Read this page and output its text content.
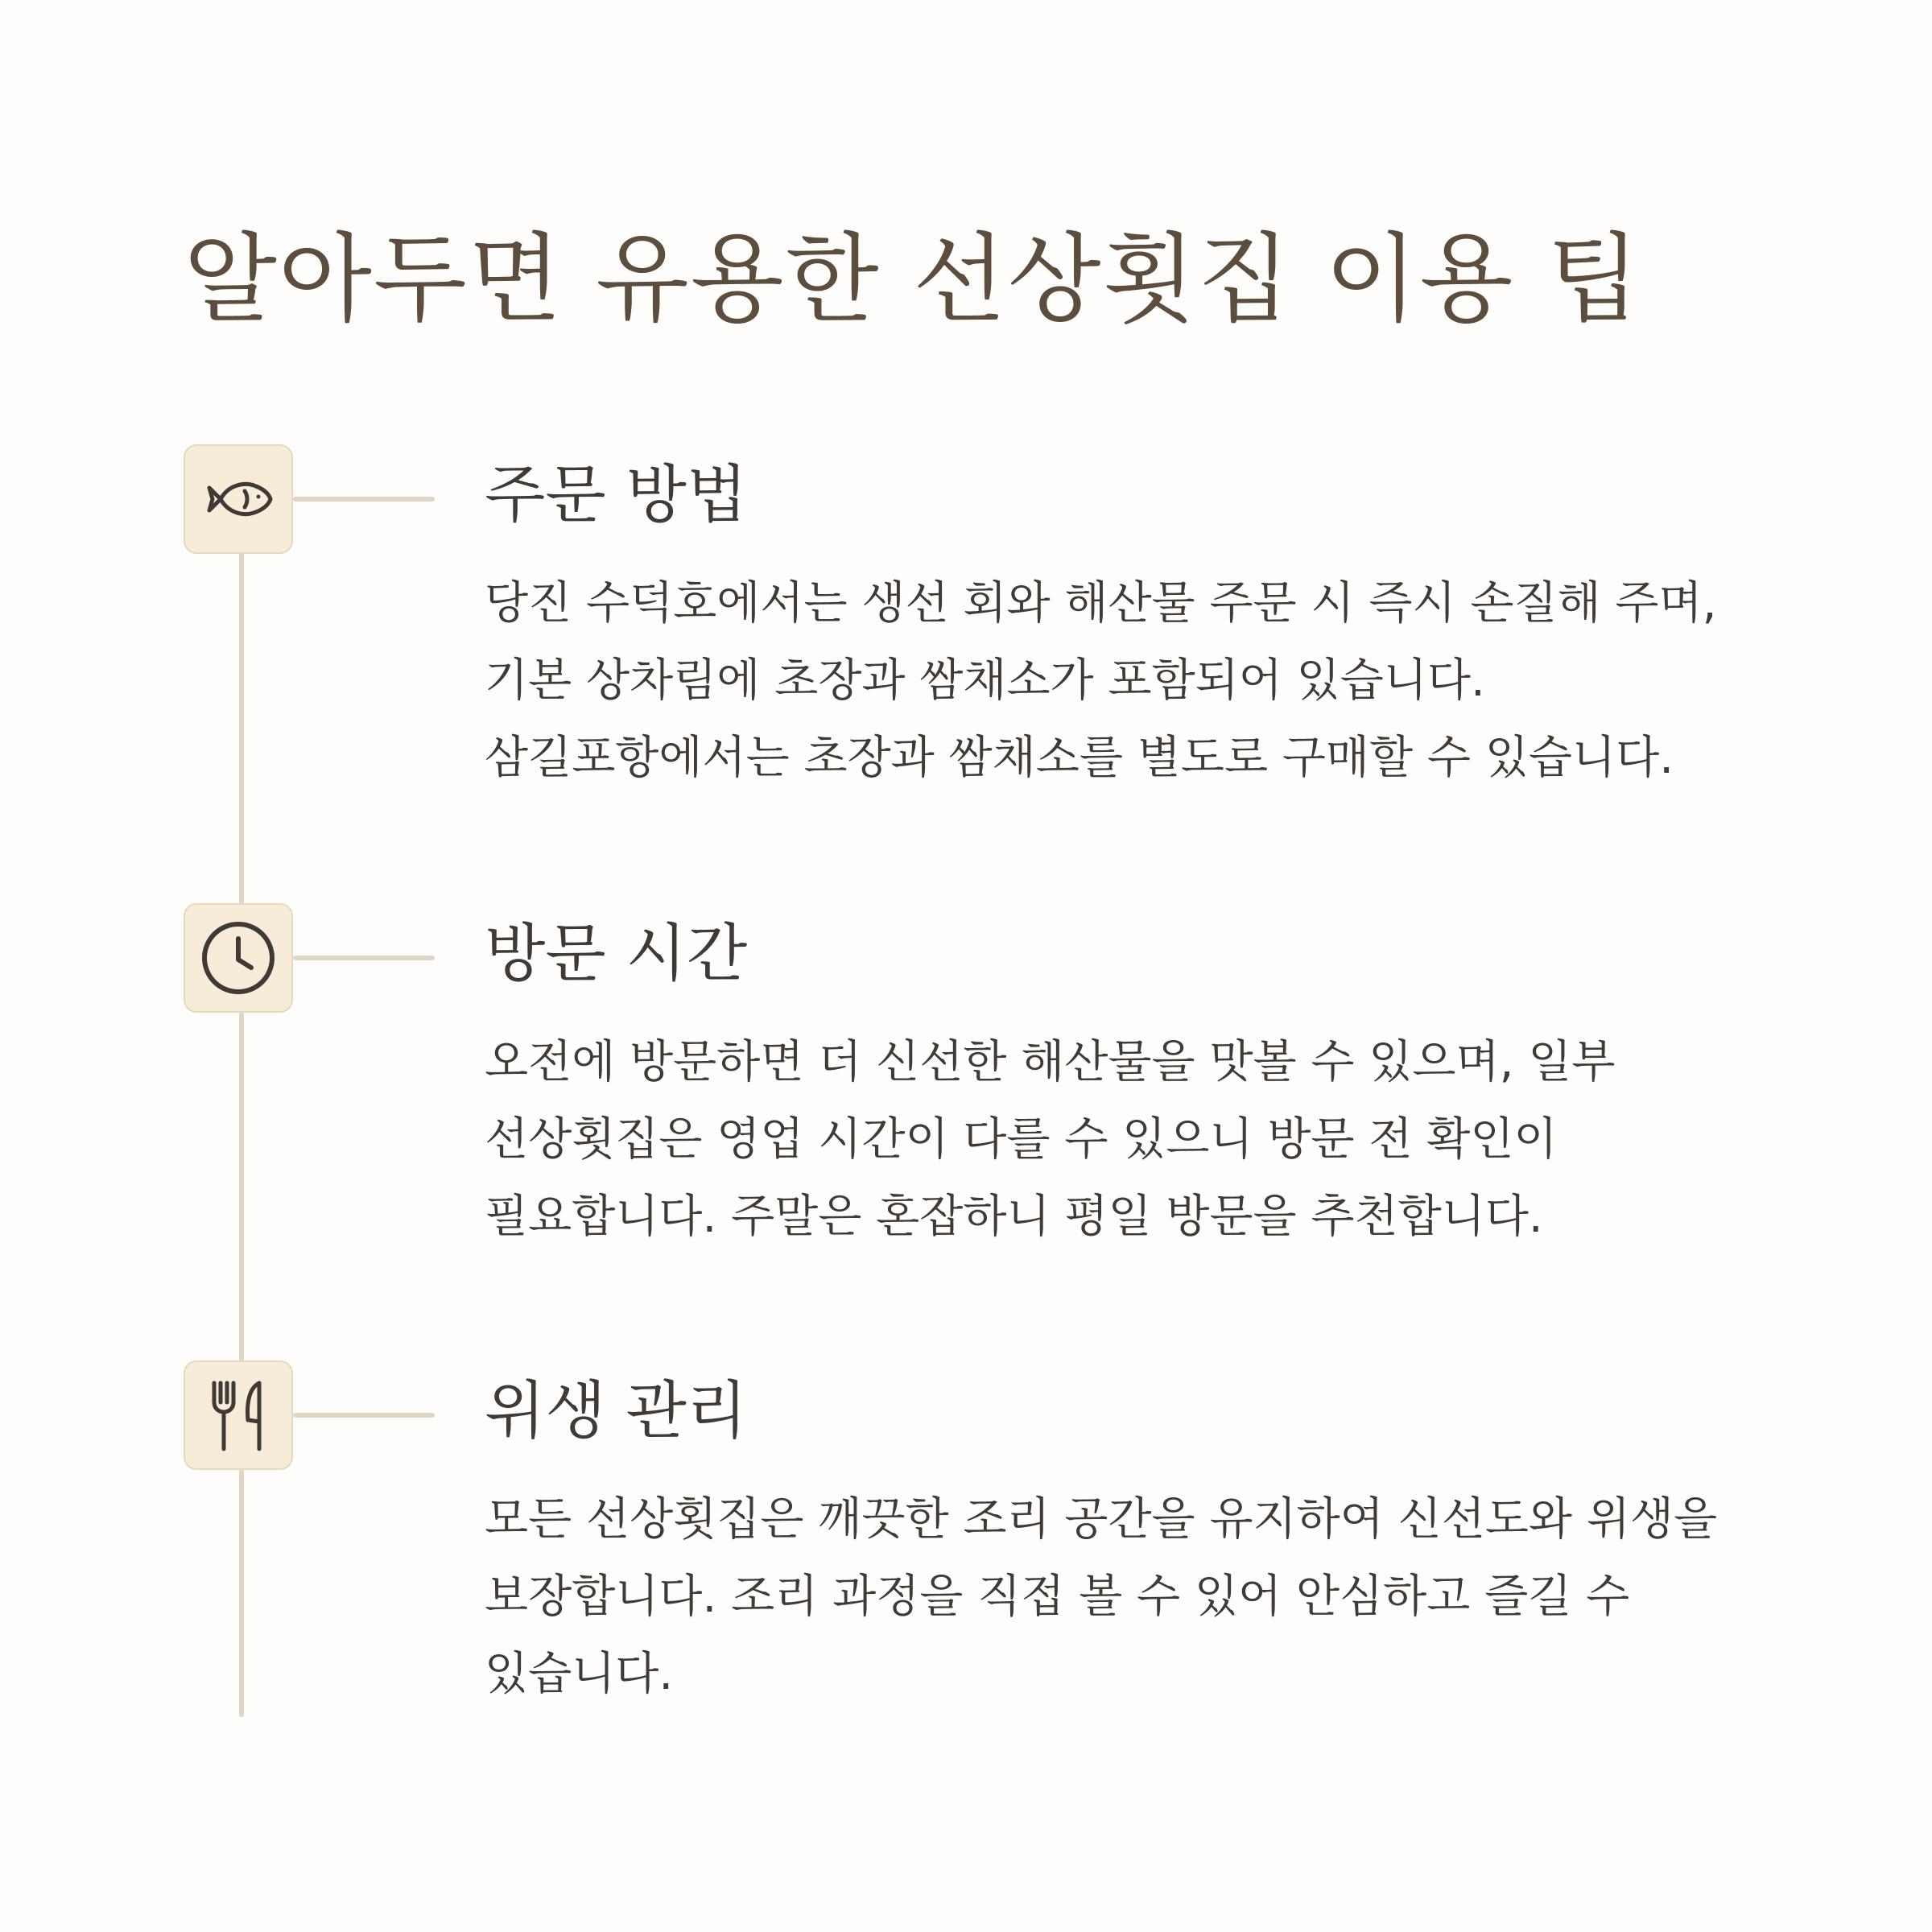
알아두면 유용한 선상횟집 이용 팁
주문 방법

당진 수덕호에서는 생선 회와 해산물 주문 시 즉시 손질해 주며, 기본 상차림에 초장과 쌈채소가 포함되어 있습니다. 삼길포항에서는 초장과 쌈채소를 별도로 구매할 수 있습니다.

방문 시간

오전에 방문하면 더 신선한 해산물을 맛볼 수 있으며, 일부 선상횟집은 영업 시간이 다를 수 있으니 방문 전 확인이 필요합니다. 주말은 혼잡하니 평일 방문을 추천합니다.

위생 관리

모든 선상횟집은 깨끗한 조리 공간을 유지하여 신선도와 위생을 보장합니다. 조리 과정을 직접 볼 수 있어 안심하고 즐길 수 있습니다.
